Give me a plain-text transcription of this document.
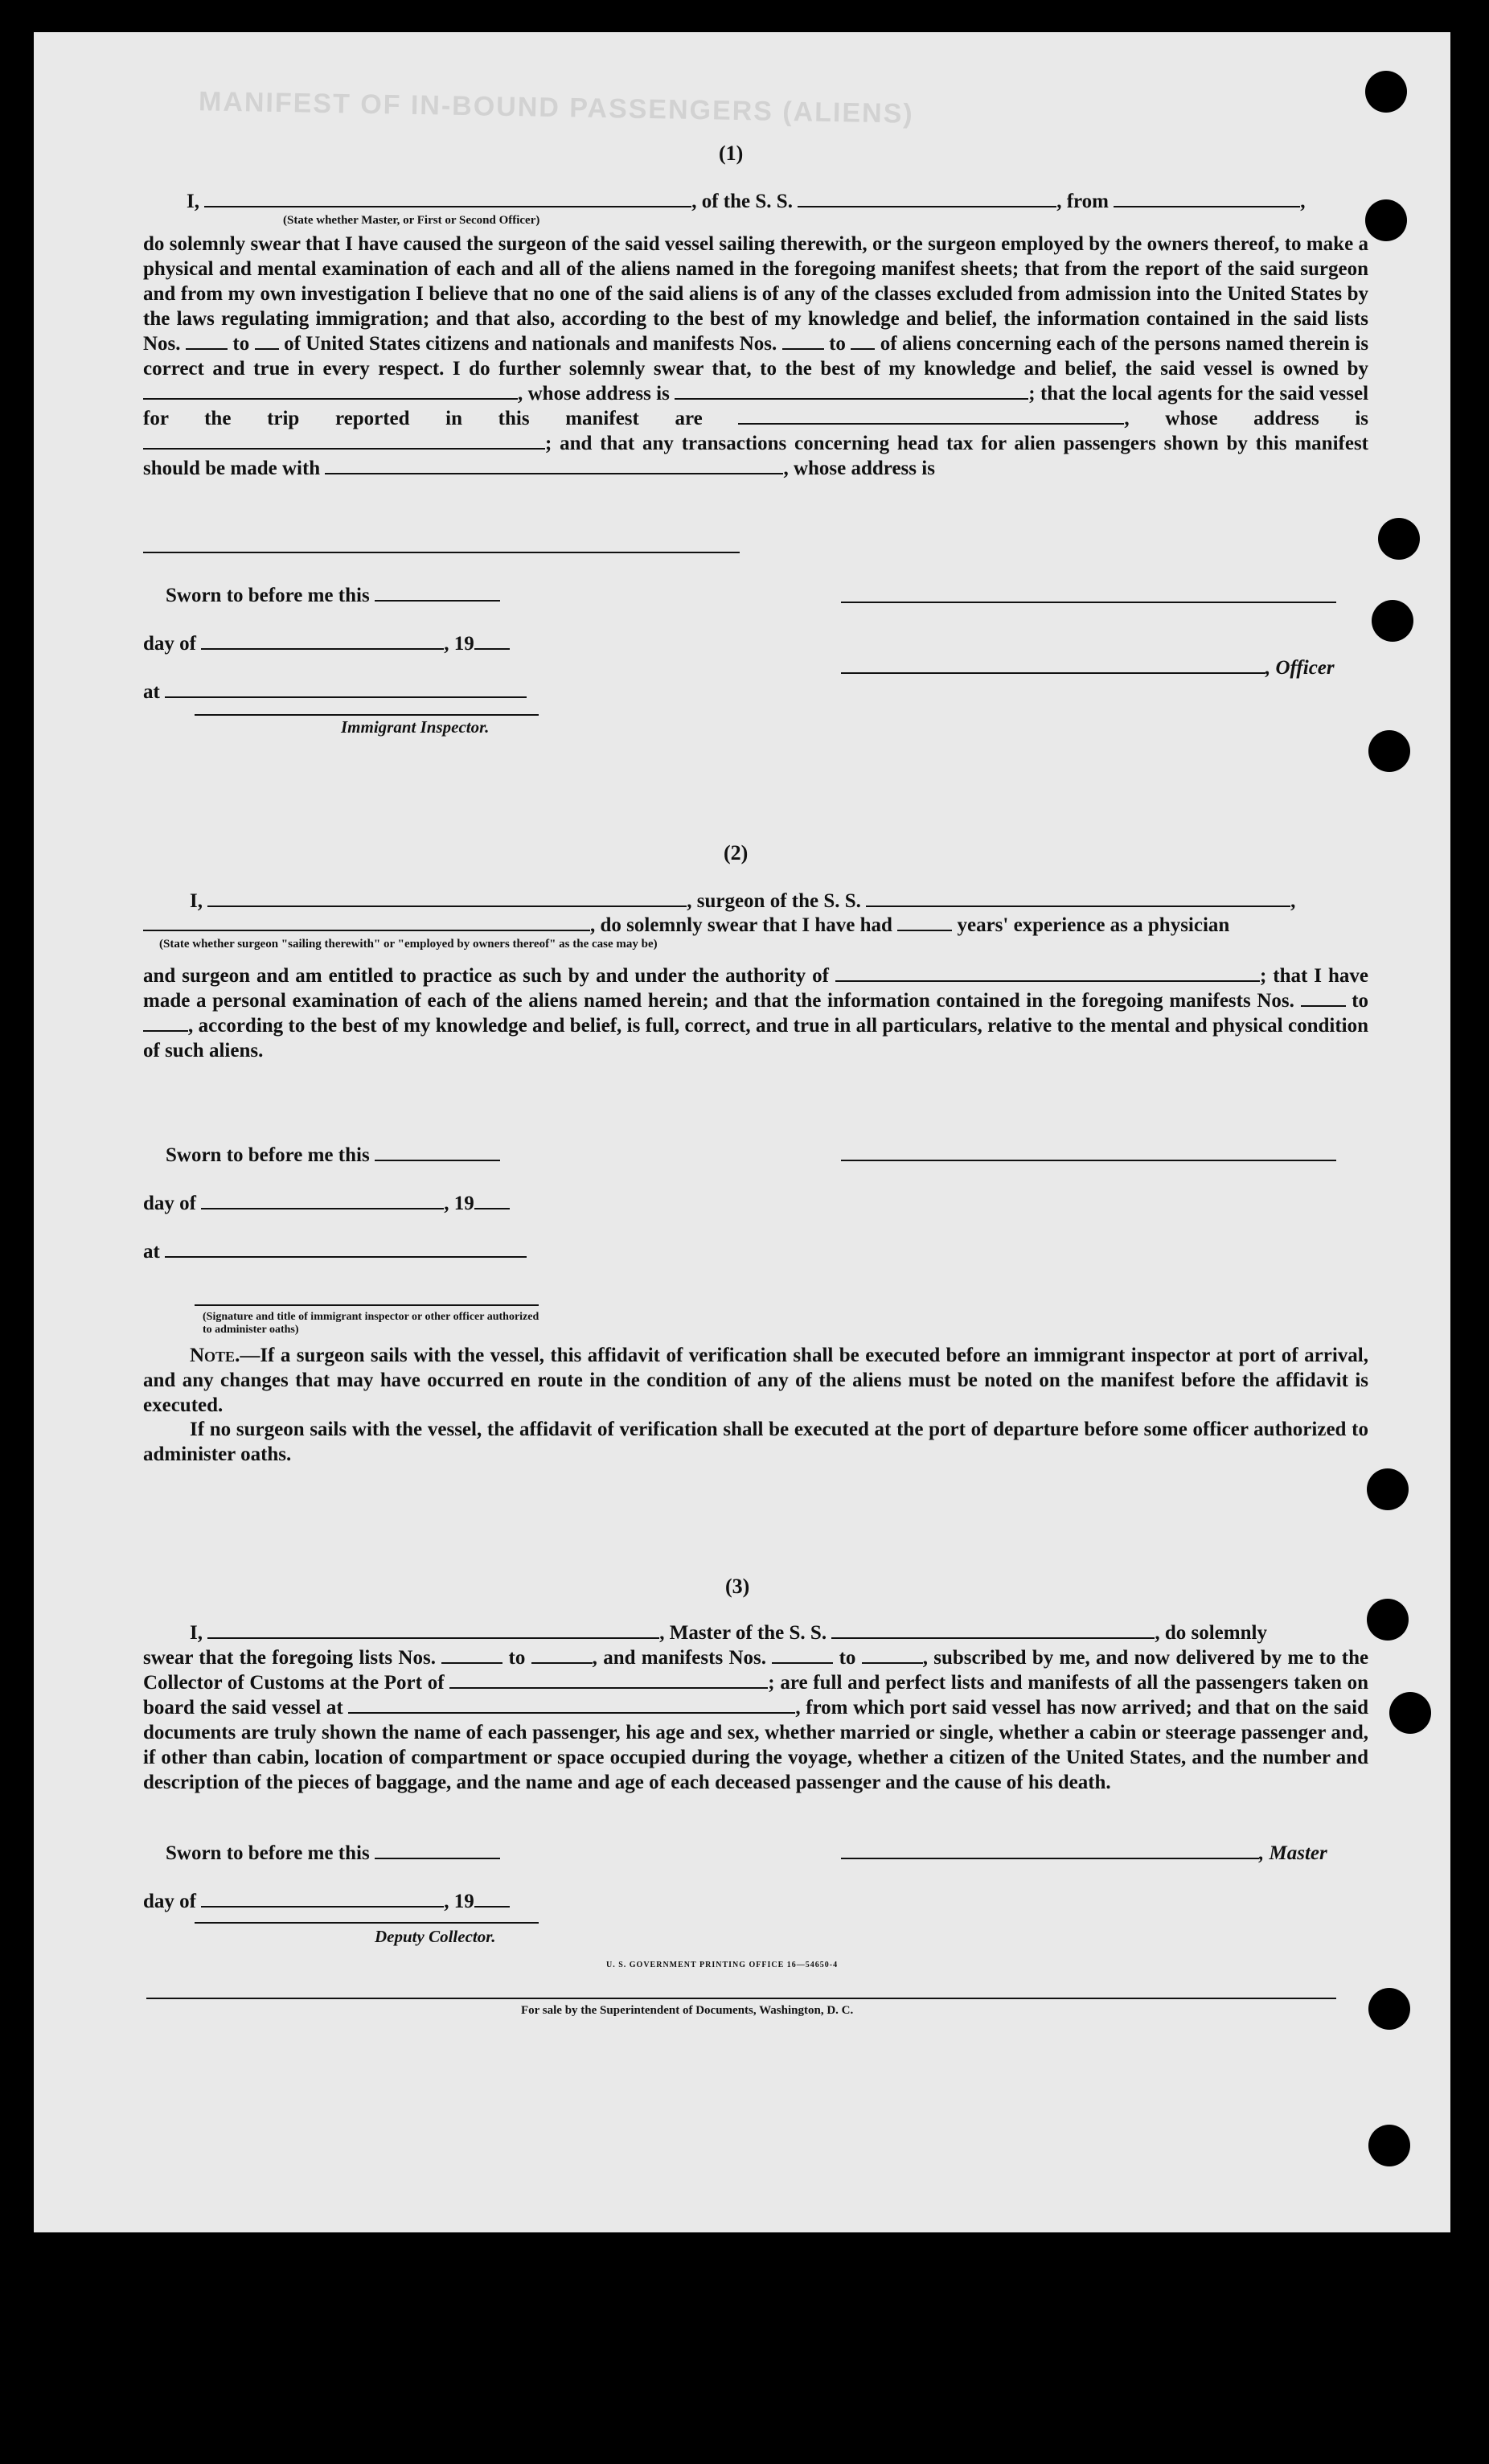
MANIFEST OF IN-BOUND PASSENGERS (ALIENS)
(1)
I,	, of the S. S.	, from	,
(State whether Master, or First or Second Officer)
do solemnly swear that I have caused the surgeon of the said vessel sailing therewith, or the surgeon employed by the owners thereof, to make a physical and mental examination of each and all of the aliens named in the foregoing manifest sheets; that from the report of the said surgeon and from my own investigation I believe that no one of the said aliens is of any of the classes excluded from admission into the United States by the laws regulating immigration; and that also, according to the best of my knowledge and belief, the information contained in the said lists Nos.	to of United States citizens and nationals and manifests Nos.	to of aliens concerning each of the persons named therein is correct and true in every respect. I do further solemnly swear that, to the best of my knowledge and belief, the said vessel is owned by , whose address is	; that the local agents for the said vessel for the trip reported in this manifest are	, whose address is ; and that any transactions concerning head tax for alien passengers shown by this manifest should be made with	, whose address is
Sworn to before me this
day of	, 19
, Officer
at
Immigrant Inspector.
(2)
I,	, surgeon of the S. S.	,
, do solemnly swear that I have had	years' experience as a physician
(State whether surgeon "sailing therewith" or "employed by owners thereof" as the case may be)
and surgeon and am entitled to practice as such by and under the authority of	; that I have made a personal examination of each of the aliens named herein; and that the information contained in the foregoing manifests Nos.	to, according to the best of my knowledge and belief, is full, correct, and true in all particulars, relative to the mental and physical condition of such aliens.
Sworn to before me this
day of	, 19
at
(Signature and title of immigrant inspector or other officer authorized to administer oaths)
Note.—If a surgeon sails with the vessel, this affidavit of verification shall be executed before an immigrant inspector at port of arrival, and any changes that may have occurred en route in the condition of any of the aliens must be noted on the manifest before the affidavit is executed.
If no surgeon sails with the vessel, the affidavit of verification shall be executed at the port of departure before some officer authorized to administer oaths.
(3)
I,	, Master of the S. S.	, do solemnly
swear that the foregoing lists Nos.	to	, and manifests Nos.	to	, subscribed by me, and now delivered by me to the Collector of Customs at the Port of	; are full and perfect lists and manifests of all the passengers taken on board the said vessel at	, from which port said vessel has now arrived; and that on the said documents are truly shown the name of each passenger, his age and sex, whether married or single, whether a cabin or steerage passenger and, if other than cabin, location of compartment or space occupied during the voyage, whether a citizen of the United States, and the number and description of the pieces of baggage, and the name and age of each deceased passenger and the cause of his death.
Sworn to before me this	, Master
day of	, 19
Deputy Collector.
U. S. GOVERNMENT PRINTING OFFICE 16—54650-4
For sale by the Superintendent of Documents, Washington, D. C.
